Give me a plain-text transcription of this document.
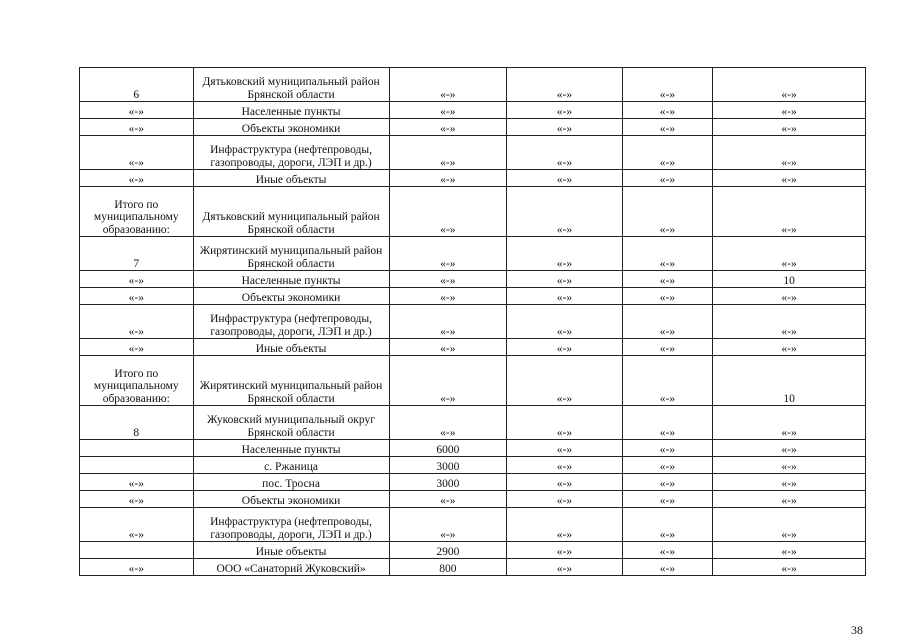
6	Дятьковский муниципальный район Брянской области	«-»	«-»	«-»	«-»
«-»	Населенные пункты	«-»	«-»	«-»	«-»
«-»	Объекты экономики	«-»	«-»	«-»	«-»
«-»	Инфраструктура (нефтепроводы, газопроводы, дороги, ЛЭП и др.)	«-»	«-»	«-»	«-»
«-»	Иные объекты	«-»	«-»	«-»	«-»
Итого по муниципальному образованию:	Дятьковский муниципальный район Брянской области	«-»	«-»	«-»	«-»
7	Жирятинский муниципальный район Брянской области	«-»	«-»	«-»	«-»
«-»	Населенные пункты	«-»	«-»	«-»	10
«-»	Объекты экономики	«-»	«-»	«-»	«-»
«-»	Инфраструктура (нефтепроводы, газопроводы, дороги, ЛЭП и др.)	«-»	«-»	«-»	«-»
«-»	Иные объекты	«-»	«-»	«-»	«-»
Итого по муниципальному образованию:	Жирятинский муниципальный район Брянской области	«-»	«-»	«-»	10
8	Жуковский муниципальный округ Брянской области	«-»	«-»	«-»	«-»
	Населенные пункты	6000	«-»	«-»	«-»
	с. Ржаница	3000	«-»	«-»	«-»
«-»	пос. Тросна	3000	«-»	«-»	«-»
«-»	Объекты экономики	«-»	«-»	«-»	«-»
«-»	Инфраструктура (нефтепроводы, газопроводы, дороги, ЛЭП и др.)	«-»	«-»	«-»	«-»
	Иные объекты	2900	«-»	«-»	«-»
«-»	ООО «Санаторий Жуковский»	800	«-»	«-»	«-»
38
